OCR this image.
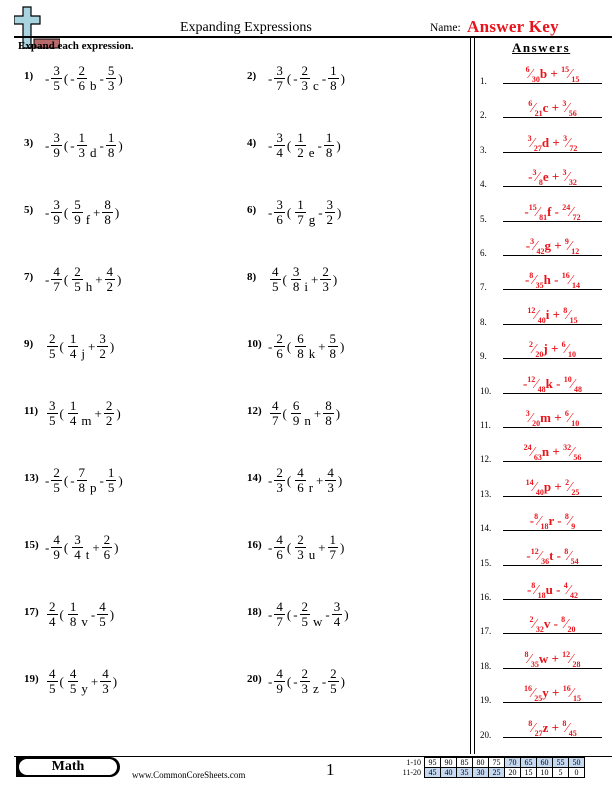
Expanding Expressions	Name: Answer Key
Expand each expression.	Answers
$1) - \frac{3}{5}$ ( - $\frac{2}{6}$ b - $\frac{5}{3}$ )	$2) - \frac{3}{7}$ ( - $\frac{2}{3}$ c - $\frac{1}{8}$ )
$3) - \frac{3}{9}$ ( - $\frac{1}{3}$ d - $\frac{1}{8}$ )	$4) - \frac{3}{4}$ ( $\frac{1}{2}$ e - $\frac{1}{8}$ )
$5) - \frac{3}{9}$ ( $\frac{5}{9}$ $f + \frac{8}{8}$ )	$6) - \frac{3}{6}$ ( $\frac{1}{7}$ g - $\frac{3}{2}$ )
$7) - \frac{4}{7}$ ( $\frac{2}{5}$ $h + \frac{4}{2}$ )	$8) \frac{4}{5}$ ( $\frac{3}{8}$ $i + \frac{2}{3}$ )
$9) \frac{2}{5}$ ( $\frac{1}{4}$ $j + \frac{3}{2}$ )	$10) - \frac{2}{6}$ ( $\frac{6}{8}$ $k + \frac{5}{8}$ )
$11) \frac{3}{5}$ ( $\frac{1}{4}$ $m + \frac{2}{2}$ )	$12) \frac{4}{7}$ ( $\frac{6}{9}$ $n + \frac{8}{8}$ )
$13) - \frac{2}{5}$ ( - $\frac{7}{8}$ p - $\frac{1}{5}$ )	$14) - \frac{2}{3}$ ( $\frac{4}{6}$ $r + \frac{4}{3}$ )
$15) - \frac{4}{9}$ ( $\frac{3}{4}$ $t + \frac{2}{6}$ )	$16) - \frac{4}{6}$ ( $\frac{2}{3}$ $u + \frac{1}{7}$ )
$17) \frac{2}{4}$ ( $\frac{1}{8}$ v - $\frac{4}{5}$ )	$18) - \frac{4}{7}$ ( - $\frac{2}{5}$ w - $\frac{3}{4}$ )
$19) \frac{4}{5}$ ( $\frac{4}{5}$ $y + \frac{4}{3}$ )	$20) - \frac{4}{9}$ ( - $\frac{2}{3}$ z - $\frac{2}{5}$ )
1.
$^6⁄_{30}b$ + $^{15}⁄_{15}$
2.
$^6⁄_{21}c$ + $^3⁄_{56}$
3.
$^3⁄_{27}d$ + $^3⁄_{72}$
4.	$-^3⁄_8e$ + $^3⁄_{32}$
5.	$-^{15}⁄_{81}f$ - $^{24}⁄_{72}$
6.	$-^3⁄_{42}g$ + $^9⁄_{12}$
7.	$-^8⁄_{35}h$ - $^{16}⁄_{14}$
8.
$^{12}⁄_{40}i$ + $^8⁄_{15}$
9.
$^2⁄_{20}j$ + $^6⁄_{10}$
10.	$-^{12}⁄_{48}k$ - $^{10}⁄_{48}$
11.
$^3⁄_{20}m$ + $^6⁄_{10}$
12.
$^{24}⁄_{63}n$ + $^{32}⁄_{56}$
13.
$^{14}⁄_{40}p$ + $^2⁄_{25}$
14.	$-^8⁄_{18}r$ - $^8⁄_9$
15.	$-^{12}⁄_{36}t$ - $^8⁄_{54}$
16.	$-^8⁄_{18}u$ - $^4⁄_{42}$
17.
$^2⁄_{32}v$ - $^8⁄_{20}$
18.
$^8⁄_{35}w$ + $^{12}⁄_{28}$
19.
$^{16}⁄_{25}y$ + $^{16}⁄_{15}$
20.
$^8⁄_{27}z$ + $^8⁄_{45}$
Math
www.CommonCoreSheets.com	1	1-10	95	90	85	80	75	70	65	60	55	50
11-20	45	40	35	30	25	20	15	10	5	0
